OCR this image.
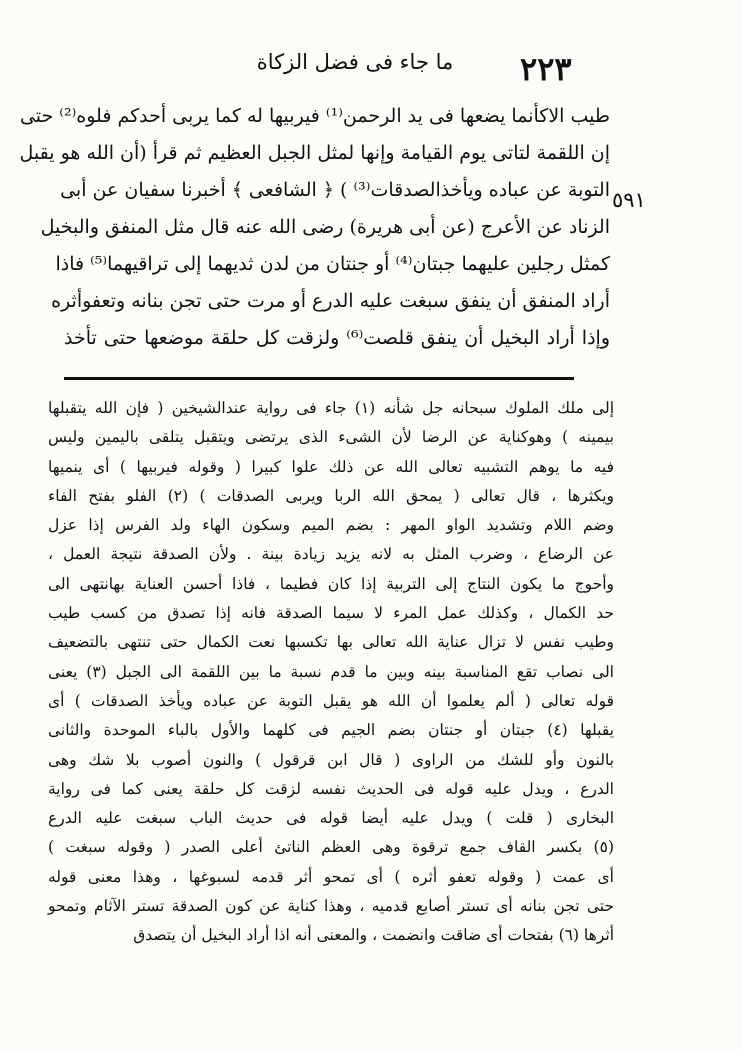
٢٢٣
ما جاء فى فضل الزكاة
٥٩١
طيب الاكأنما يضعها فى يد الرحمن⁽¹⁾ فيربيها له كما يربى أحدكم فلوه⁽²⁾ حتى
إن اللقمة لتاتى يوم القيامة وإنها لمثل الجبل العظيم ثم قرأ (أن الله هو يقبل
التوبة عن عباده ويأخذالصدقات⁽³⁾ ) ﴿ الشافعى ﴾ أخبرنا سفيان عن أبى
الزناد عن الأعرج (عن أبى هريرة) رضى الله عنه قال مثل المنفق والبخيل
كمثل رجلين عليهما جبتان⁽⁴⁾ أو جنتان من لدن ثديهما إلى تراقيهما⁽⁵⁾ فاذا
أراد المنفق أن ينفق سبغت عليه الدرع أو مرت حتى تجن بنانه وتعفوأثره
وإذا أراد البخيل أن ينفق قلصت⁽⁶⁾ ولزقت كل حلقة موضعها حتى تأخذ
إلى ملك الملوك سبحانه جل شأنه (١) جاء فى رواية عندالشيخين ( فإن الله يتقبلها
بيمينه ) وهوكناية عن الرضا لأن الشىء الذى يرتضى ويتقبل يتلقى باليمين وليس
فيه ما يوهم التشبيه تعالى الله عن ذلك علوا كبيرا ( وقوله فيربيها ) أى ينميها
ويكثرها ، قال تعالى ( يمحق الله الربا ويربى الصدقات ) (٢) الفلو بفتح الفاء
وضم اللام وتشديد الواو المهر : بضم الميم وسكون الهاء ولد الفرس إذا عزل
عن الرضاع ، وضرب المثل به لانه يزيد زيادة بينة . ولأن الصدقة نتيجة العمل ،
وأحوج ما يكون النتاج إلى التربية إذا كان فطيما ، فاذا أحسن العناية بهانتهى الى
حد الكمال ، وكذلك عمل المرء لا سيما الصدقة فانه إذا تصدق من كسب طيب
وطيب نفس لا تزال عناية الله تعالى بها تكسبها نعت الكمال حتى تنتهى بالتضعيف
الى نصاب تقع المناسبة بينه وبين ما قدم نسبة ما بين اللقمة الى الجبل (٣) يعنى
قوله تعالى ( ألم يعلموا أن الله هو يقبل التوبة عن عباده ويأخذ الصدقات ) أى
يقبلها (٤) جبتان أو جنتان بضم الجيم فى كلهما والأول بالباء الموحدة والثانى
بالنون وأو للشك من الراوى ( قال ابن قرقول ) والنون أصوب بلا شك وهى
الدرع ، ويدل عليه قوله فى الحديث نفسه لزقت كل حلقة يعنى كما فى رواية
البخارى ( قلت ) ويدل عليه أيضا قوله فى حديث الباب سبغت عليه الدرع
(٥) بكسر القاف جمع ترقوة وهى العظم الناتئ أعلى الصدر ( وقوله سبغت )
أى عمت ( وقوله تعفو أثره ) أى تمحو أثر قدمه لسبوغها ، وهذا معنى قوله
حتى تجن بنانه أى تستر أصابع قدميه ، وهذا كناية عن كون الصدقة تستر الآثام وتمحو
أثرها (٦) بفتحات أى ضاقت وانضمت ، والمعنى أنه اذا أراد البخيل أن يتصدق
